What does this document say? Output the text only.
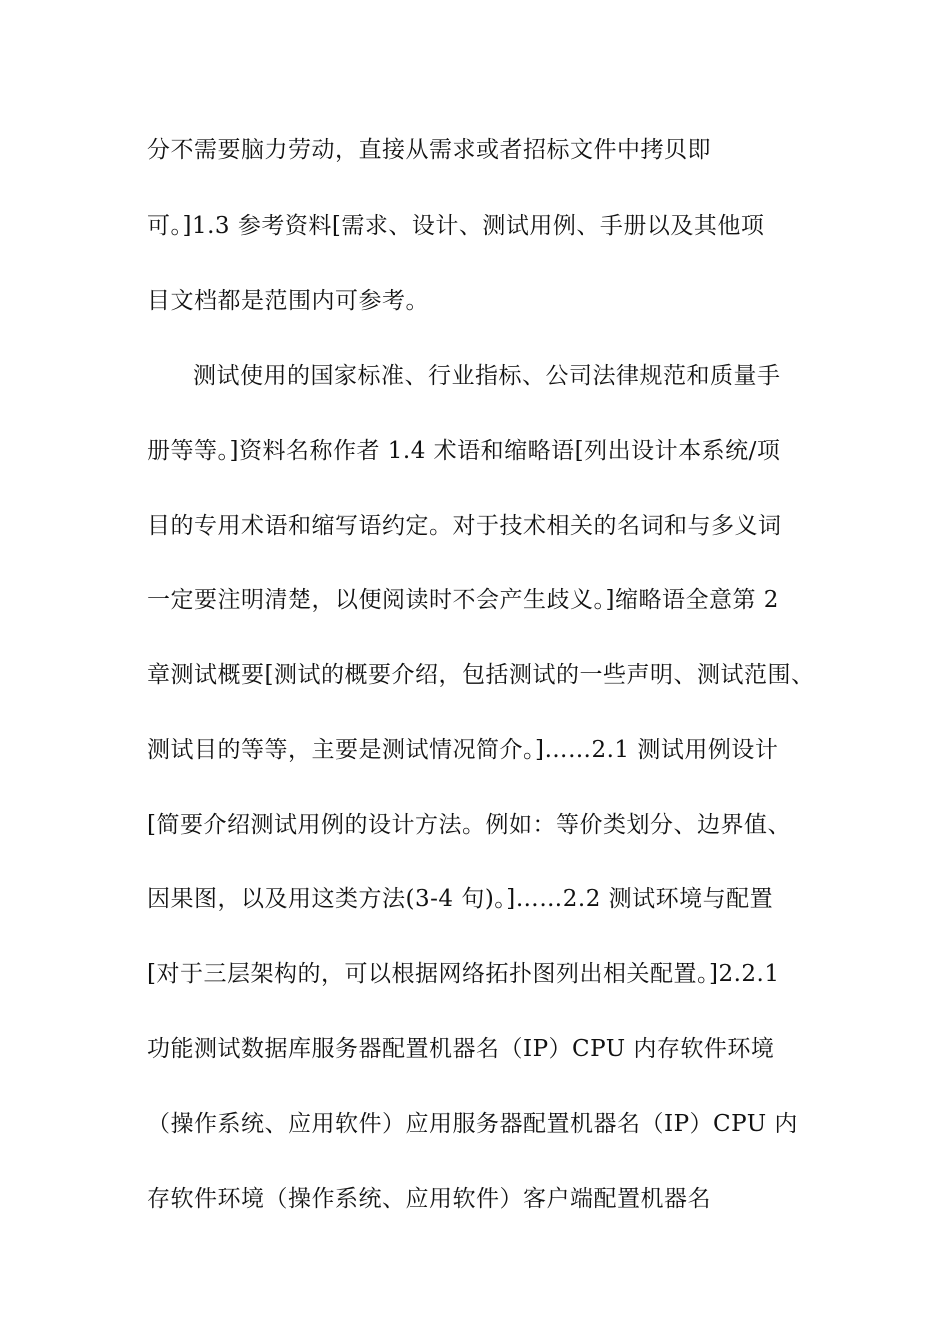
分不需要脑力劳动，直接从需求或者招标文件中拷贝即
可。]1.3 参考资料[需求、设计、测试用例、手册以及其他项
目文档都是范围内可参考。
测试使用的国家标准、行业指标、公司法律规范和质量手
册等等。]资料名称作者 1.4 术语和缩略语[列出设计本系统/项
目的专用术语和缩写语约定。对于技术相关的名词和与多义词
一定要注明清楚，以便阅读时不会产生歧义。]缩略语全意第 2
章测试概要[测试的概要介绍，包括测试的一些声明、测试范围、
测试目的等等，主要是测试情况简介。]……2.1 测试用例设计
[简要介绍测试用例的设计方法。例如：等价类划分、边界值、
因果图，以及用这类方法(3-4 句)。]……2.2 测试环境与配置
[对于三层架构的，可以根据网络拓扑图列出相关配置。]2.2.1
功能测试数据库服务器配置机器名（IP）CPU 内存软件环境
（操作系统、应用软件）应用服务器配置机器名（IP）CPU 内
存软件环境（操作系统、应用软件）客户端配置机器名
